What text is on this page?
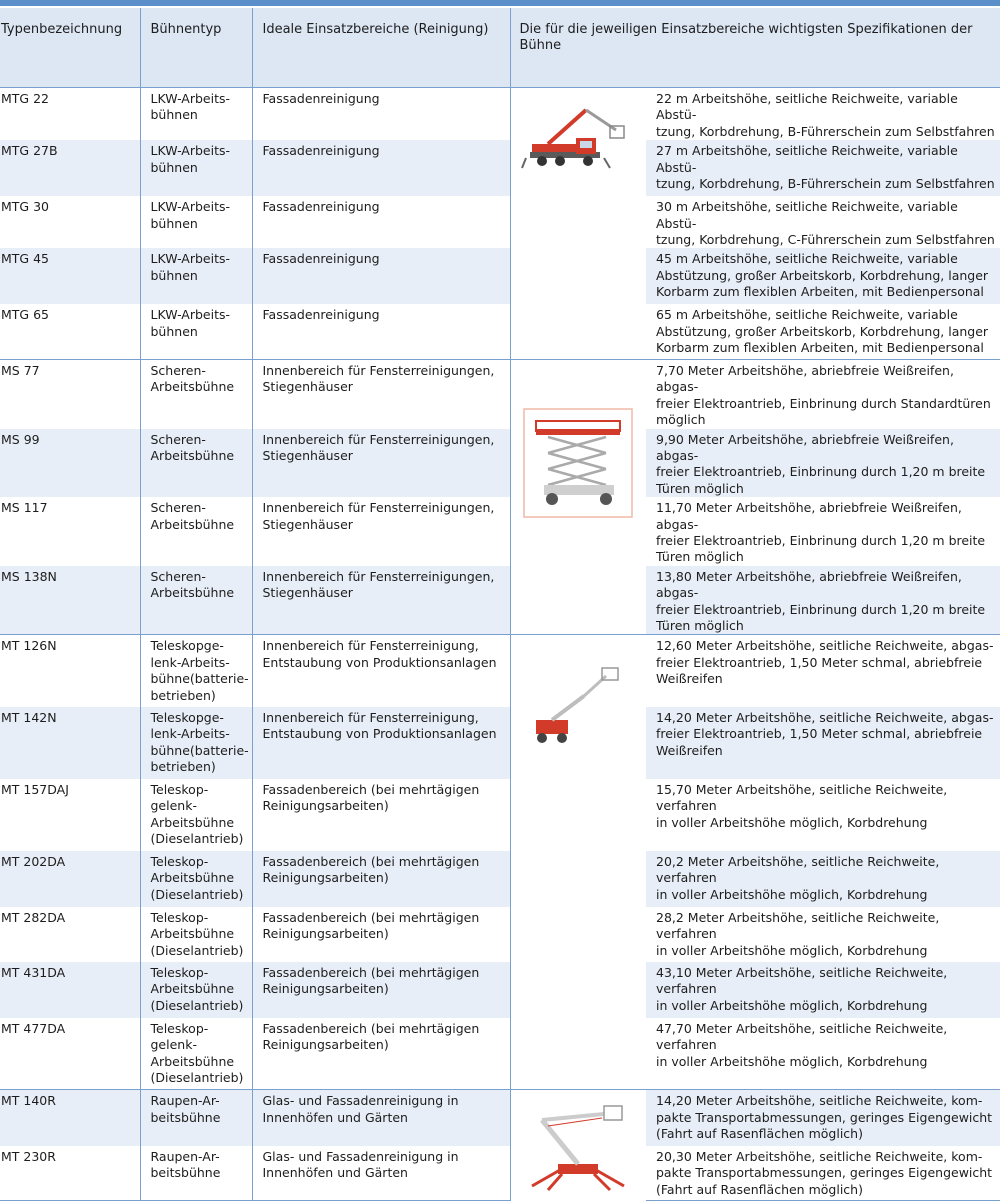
Typenbezeichnung	Bühnentyp	Ideale Einsatzbereiche (Reinigung)	Die für die jeweiligen Einsatzbereiche wichtigsten Spezifikationen der Bühne	
MTG 22	LKW-Arbeits-
bühnen	Fassadenreinigung		22 m Arbeitshöhe, seitliche Reichweite, variable Abstü-
tzung, Korbdrehung, B-Führerschein zum Selbstfahren
MTG 27B	LKW-Arbeits-
bühnen	Fassadenreinigung		27 m Arbeitshöhe, seitliche Reichweite, variable Abstü-
tzung, Korbdrehung, B-Führerschein zum Selbstfahren
MTG 30	LKW-Arbeits-
bühnen	Fassadenreinigung		30 m Arbeitshöhe, seitliche Reichweite, variable Abstü-
tzung, Korbdrehung, C-Führerschein zum Selbstfahren
MTG 45	LKW-Arbeits-
bühnen	Fassadenreinigung		45 m Arbeitshöhe, seitliche Reichweite, variable
Abstützung, großer Arbeitskorb, Korbdrehung, langer
Korbarm zum flexiblen Arbeiten, mit Bedienpersonal
MTG 65	LKW-Arbeits-
bühnen	Fassadenreinigung		65 m Arbeitshöhe, seitliche Reichweite, variable
Abstützung, großer Arbeitskorb, Korbdrehung, langer
Korbarm zum flexiblen Arbeiten, mit Bedienpersonal
MS 77	Scheren-
Arbeitsbühne	Innenbereich für Fensterreinigungen,
Stiegenhäuser		7,70 Meter Arbeitshöhe, abriebfreie Weißreifen, abgas-
freier Elektroantrieb, Einbrinung durch Standardtüren
möglich
MS 99	Scheren-
Arbeitsbühne	Innenbereich für Fensterreinigungen,
Stiegenhäuser		9,90 Meter Arbeitshöhe, abriebfreie Weißreifen, abgas-
freier Elektroantrieb, Einbrinung durch 1,20 m breite
Türen möglich
MS 117	Scheren-
Arbeitsbühne	Innenbereich für Fensterreinigungen,
Stiegenhäuser		11,70 Meter Arbeitshöhe, abriebfreie Weißreifen, abgas-
freier Elektroantrieb, Einbrinung durch 1,20 m breite
Türen möglich
MS 138N	Scheren-
Arbeitsbühne	Innenbereich für Fensterreinigungen,
Stiegenhäuser		13,80 Meter Arbeitshöhe, abriebfreie Weißreifen, abgas-
freier Elektroantrieb, Einbrinung durch 1,20 m breite
Türen möglich
MT 126N	Teleskopge-
lenk-Arbeits-
bühne(batterie-
betrieben)	Innenbereich für Fensterreinigung,
Entstaubung von Produktionsanlagen		12,60 Meter Arbeitshöhe, seitliche Reichweite, abgas-
freier Elektroantrieb, 1,50 Meter schmal, abriebfreie
Weißreifen
MT 142N	Teleskopge-
lenk-Arbeits-
bühne(batterie-
betrieben)	Innenbereich für Fensterreinigung,
Entstaubung von Produktionsanlagen		14,20 Meter Arbeitshöhe, seitliche Reichweite, abgas-
freier Elektroantrieb, 1,50 Meter schmal, abriebfreie
Weißreifen
MT 157DAJ	Teleskop-
gelenk-
Arbeitsbühne
(Dieselantrieb)	Fassadenbereich (bei mehrtägigen
Reinigungsarbeiten)		15,70 Meter Arbeitshöhe, seitliche Reichweite, verfahren
in voller Arbeitshöhe möglich, Korbdrehung
MT 202DA	Teleskop-
Arbeitsbühne
(Dieselantrieb)	Fassadenbereich (bei mehrtägigen
Reinigungsarbeiten)		20,2 Meter Arbeitshöhe, seitliche Reichweite, verfahren
in voller Arbeitshöhe möglich, Korbdrehung
MT 282DA	Teleskop-
Arbeitsbühne
(Dieselantrieb)	Fassadenbereich (bei mehrtägigen
Reinigungsarbeiten)		28,2 Meter Arbeitshöhe, seitliche Reichweite, verfahren
in voller Arbeitshöhe möglich, Korbdrehung
MT 431DA	Teleskop-
Arbeitsbühne
(Dieselantrieb)	Fassadenbereich (bei mehrtägigen
Reinigungsarbeiten)		43,10 Meter Arbeitshöhe, seitliche Reichweite, verfahren
in voller Arbeitshöhe möglich, Korbdrehung
MT 477DA	Teleskop-
gelenk-
Arbeitsbühne
(Dieselantrieb)	Fassadenbereich (bei mehrtägigen
Reinigungsarbeiten)		47,70 Meter Arbeitshöhe, seitliche Reichweite, verfahren
in voller Arbeitshöhe möglich, Korbdrehung
MT 140R	Raupen-Ar-
beitsbühne	Glas- und Fassadenreinigung in
Innenhöfen und Gärten		14,20 Meter Arbeitshöhe, seitliche Reichweite, kom-
pakte Transportabmessungen, geringes Eigengewicht
(Fahrt auf Rasenflächen möglich)
MT 230R	Raupen-Ar-
beitsbühne	Glas- und Fassadenreinigung in
Innenhöfen und Gärten		20,30 Meter Arbeitshöhe, seitliche Reichweite, kom-
pakte Transportabmessungen, geringes Eigengewicht
(Fahrt auf Rasenflächen möglich)
